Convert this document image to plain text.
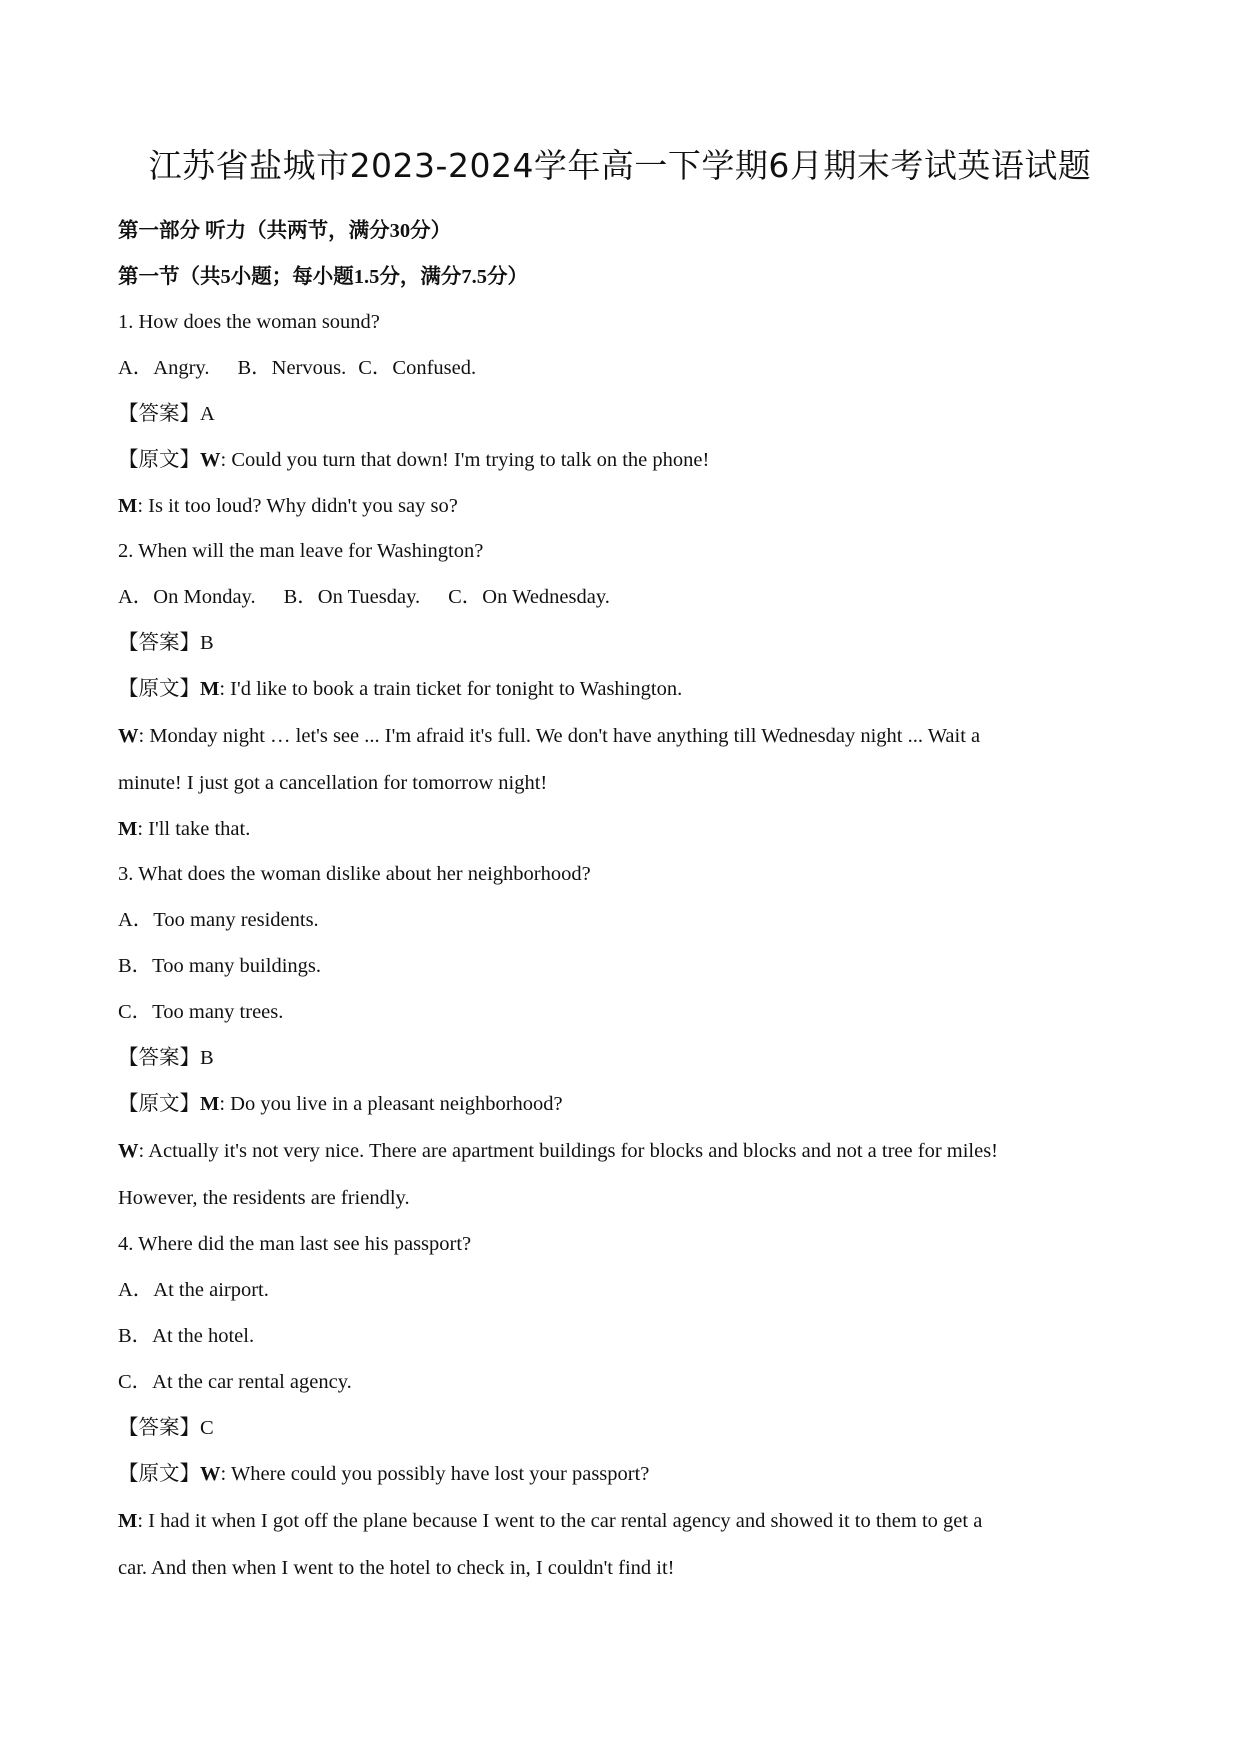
江苏省盐城市2023-2024学年高一下学期6月期末考试英语试题
第一部分 听力（共两节，满分30分）
第一节（共5小题；每小题1.5分，满分7.5分）
1. How does the woman sound?
A．Angry. B．Nervous. C．Confused.
【答案】A
【原文】W: Could you turn that down! I'm trying to talk on the phone!
M: Is it too loud? Why didn't you say so?
2. When will the man leave for Washington?
A．On Monday. B．On Tuesday. C．On Wednesday.
【答案】B
【原文】M: I'd like to book a train ticket for tonight to Washington.
W: Monday night … let's see ... I'm afraid it's full. We don't have anything till Wednesday night ... Wait a
minute! I just got a cancellation for tomorrow night!
M: I'll take that.
3. What does the woman dislike about her neighborhood?
A．Too many residents.
B．Too many buildings.
C．Too many trees.
【答案】B
【原文】M: Do you live in a pleasant neighborhood?
W: Actually it's not very nice. There are apartment buildings for blocks and blocks and not a tree for miles!
However, the residents are friendly.
4. Where did the man last see his passport?
A．At the airport.
B．At the hotel.
C．At the car rental agency.
【答案】C
【原文】W: Where could you possibly have lost your passport?
M: I had it when I got off the plane because I went to the car rental agency and showed it to them to get a
car. And then when I went to the hotel to check in, I couldn't find it!
